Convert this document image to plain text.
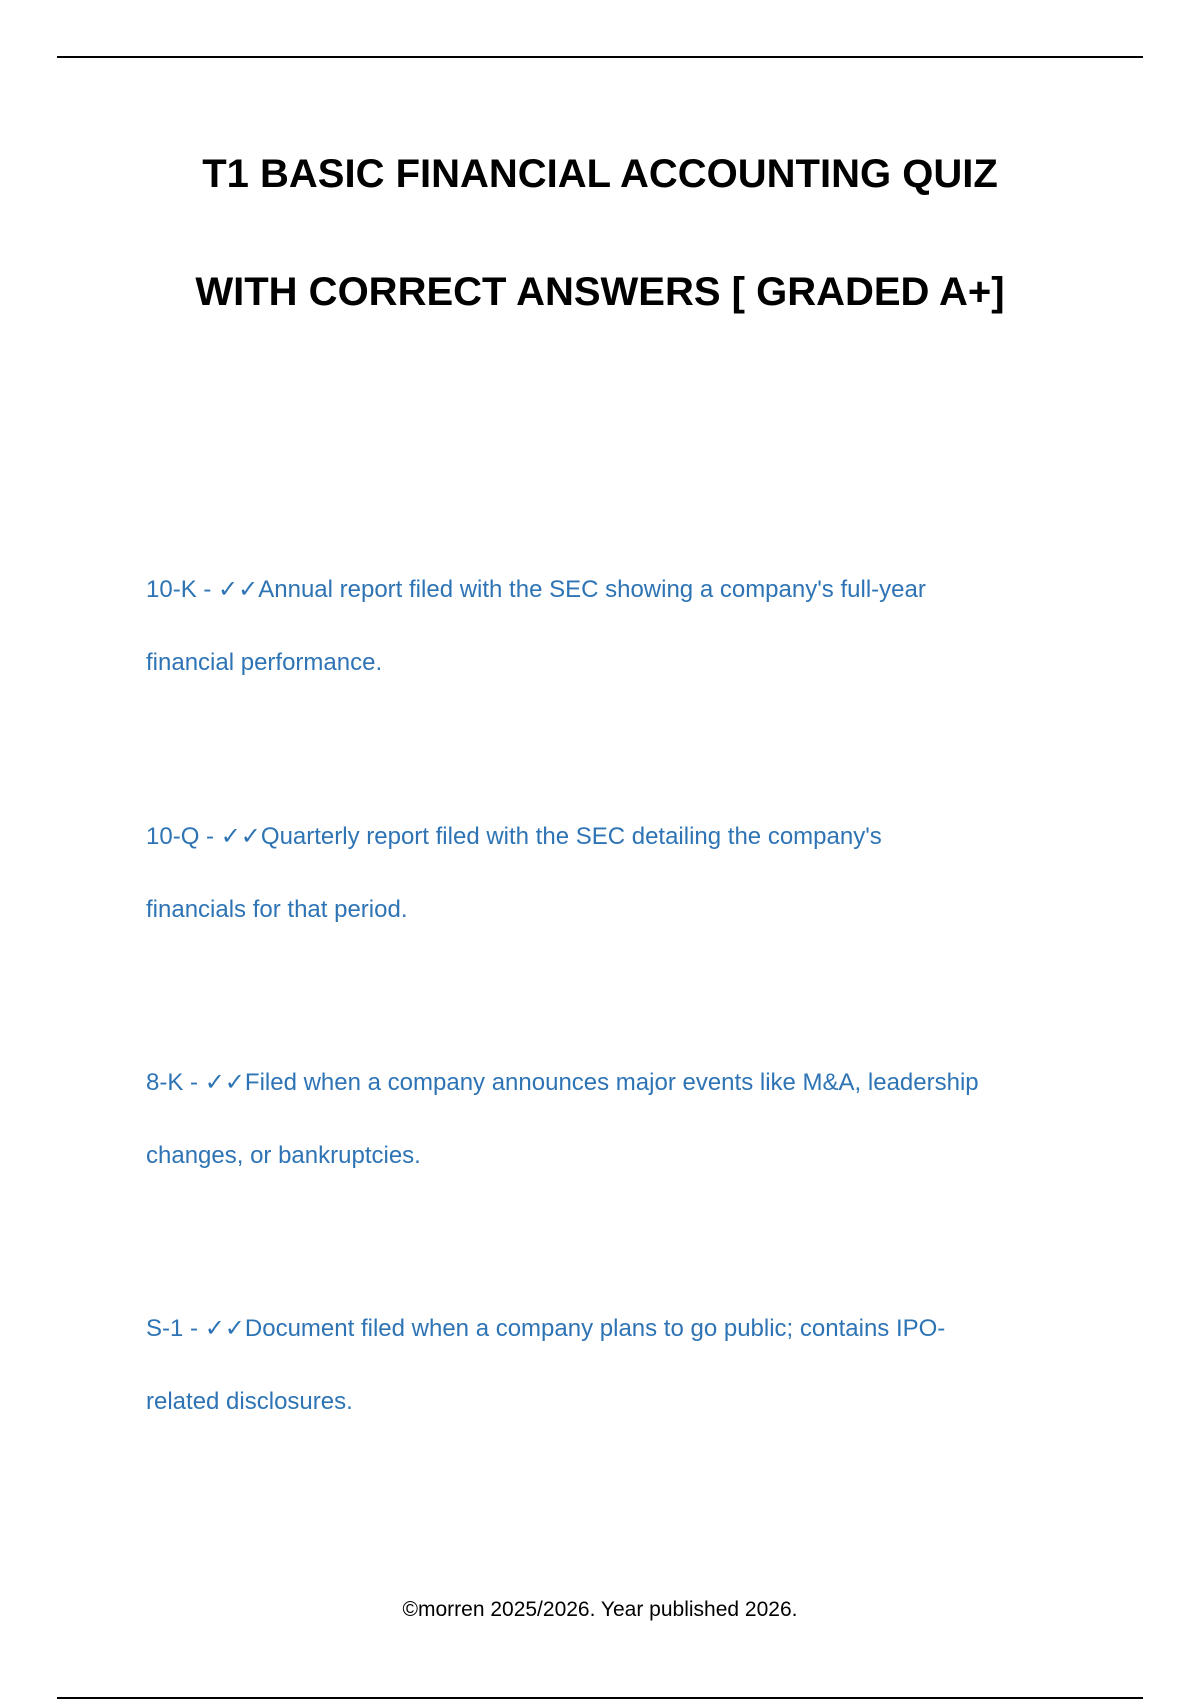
T1 BASIC FINANCIAL ACCOUNTING QUIZ
WITH CORRECT ANSWERS [ GRADED A+]
10-K - ✓✓Annual report filed with the SEC showing a company's full-year
financial performance.
10-Q - ✓✓Quarterly report filed with the SEC detailing the company's
financials for that period.
8-K - ✓✓Filed when a company announces major events like M&A, leadership
changes, or bankruptcies.
S-1 - ✓✓Document filed when a company plans to go public; contains IPO-
related disclosures.
©morren 2025/2026. Year published 2026.
